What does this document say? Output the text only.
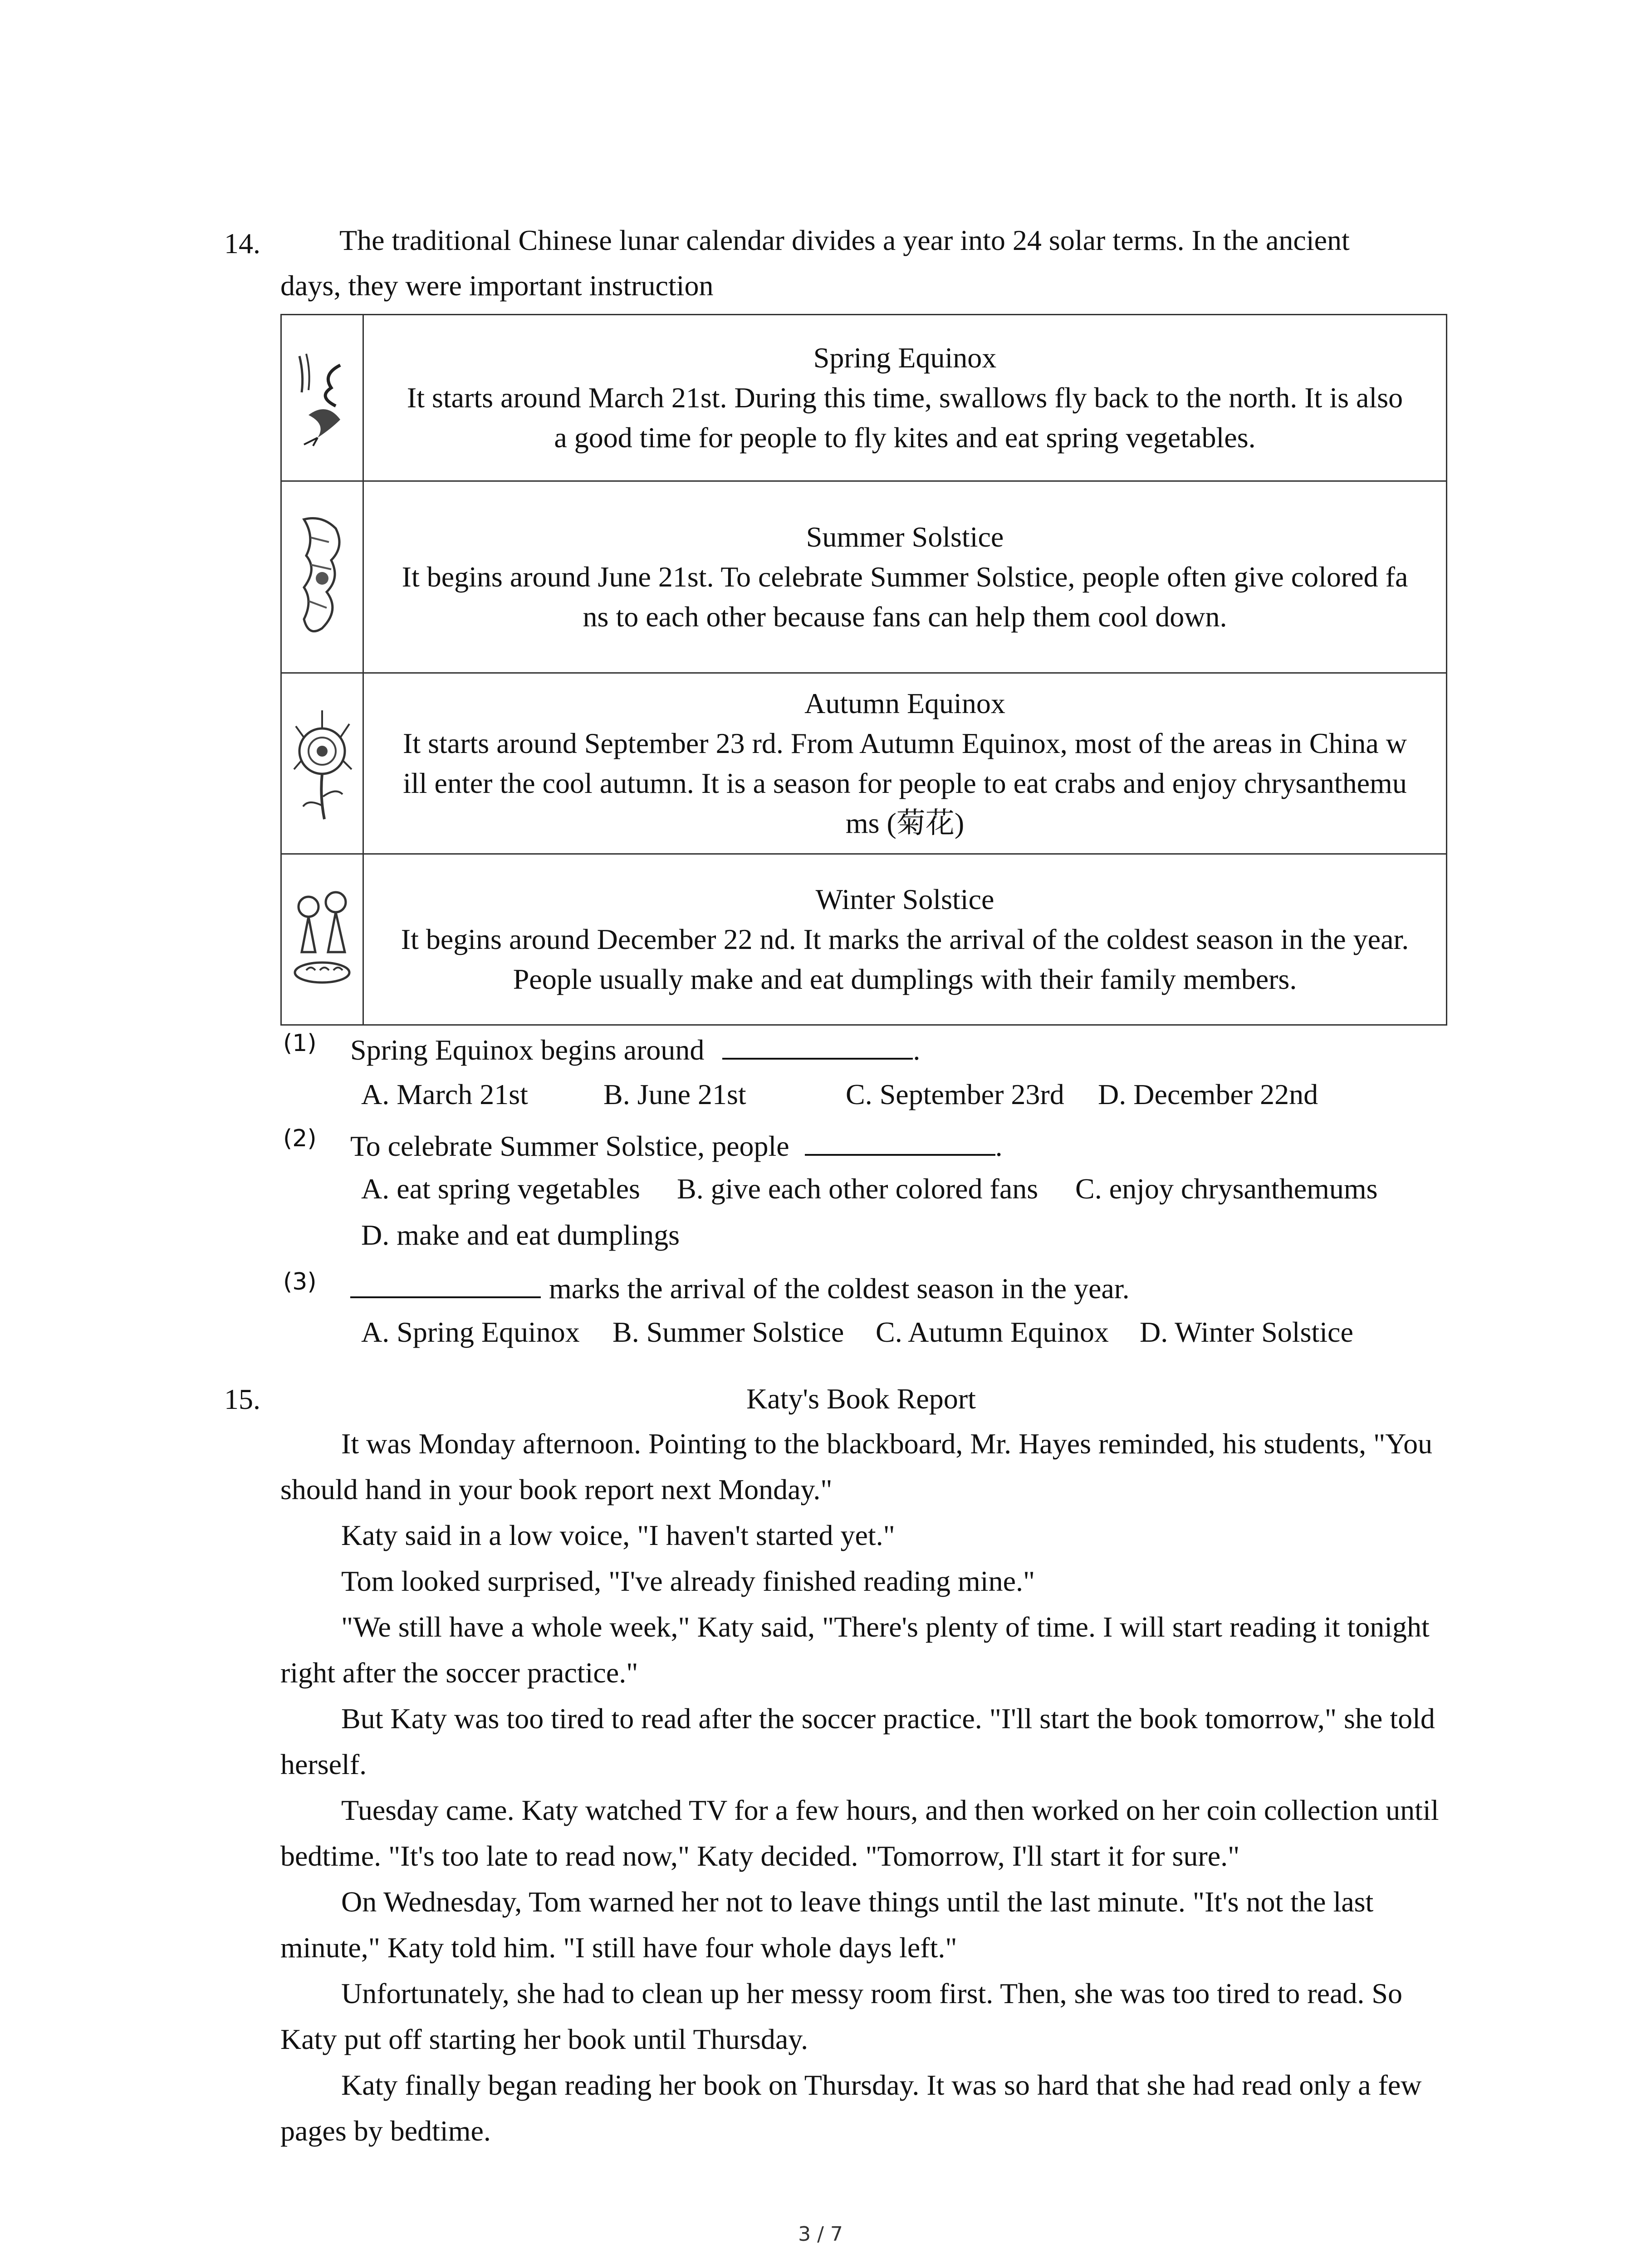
14.	The traditional Chinese lunar calendar divides a year into 24 solar terms. In the ancient
days, they were important instruction

Spring Equinox
It starts around March 21st. During this time, swallows fly back to the north. It is also
a good time for people to fly kites and eat spring vegetables.

Summer Solstice
It begins around June 21st. To celebrate Summer Solstice, people often give colored fa
ns to each other because fans can help them cool down.

Autumn Equinox
It starts around September 23 rd. From Autumn Equinox, most of the areas in China w
ill enter the cool autumn. It is a season for people to eat crabs and enjoy chrysanthemu
ms (菊花)

Winter Solstice
It begins around December 22 nd. It marks the arrival of the coldest season in the year.
People usually make and eat dumplings with their family members.
(1) Spring Equinox begins around	.
A. March 21st	B. June 21st	C. September 23rd D. December 22nd
(2) To celebrate Summer Solstice, people	.
A. eat spring vegetables B. give each other colored fans C. enjoy chrysanthemums
D. make and eat dumplings
(3)	marks the arrival of the coldest season in the year.
A. Spring Equinox B. Summer Solstice C. Autumn Equinox D. Winter Solstice
15.	Katy's Book Report
It was Monday afternoon. Pointing to the blackboard, Mr. Hayes reminded, his students, "You should hand in your book report next Monday."
Katy said in a low voice, "I haven't started yet."
Tom looked surprised, "I've already finished reading mine."
"We still have a whole week," Katy said, "There's plenty of time. I will start reading it tonight right after the soccer practice."
But Katy was too tired to read after the soccer practice. "I'll start the book tomorrow," she told herself.
Tuesday came. Katy watched TV for a few hours, and then worked on her coin collection until bedtime. "It's too late to read now," Katy decided. "Tomorrow, I'll start it for sure."
On Wednesday, Tom warned her not to leave things until the last minute. "It's not the last minute," Katy told him. "I still have four whole days left."
Unfortunately, she had to clean up her messy room first. Then, she was too tired to read. So Katy put off starting her book until Thursday.
Katy finally began reading her book on Thursday. It was so hard that she had read only a few pages by bedtime.
3 / 7
